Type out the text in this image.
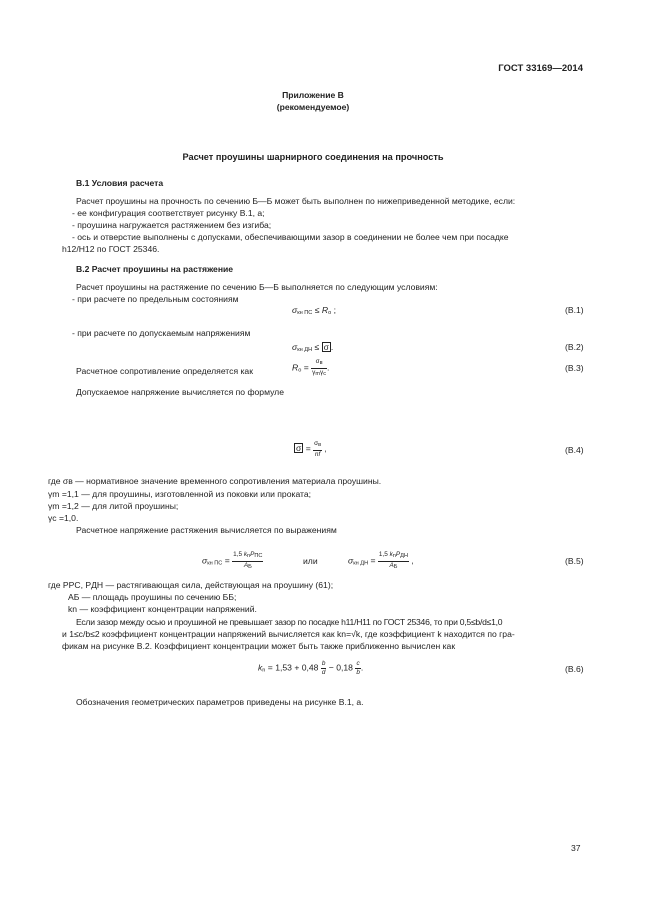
ГОСТ 33169—2014
Приложение В
(рекомендуемое)
Расчет проушины шарнирного соединения на прочность
В.1 Условия расчета
Расчет проушины на прочность по сечению Б—Б может быть выполнен по нижеприведенной методике, если:
- ее конфигурация соответствует рисунку В.1, а;
- проушина нагружается растяжением без изгиба;
- ось и отверстие выполнены с допусками, обеспечивающими зазор в соединении не более чем при посадке
h12/H12 по ГОСТ 25346.
В.2 Расчет проушины на растяжение
Расчет проушины на растяжение по сечению Б—Б выполняется по следующим условиям:
- при расчете по предельным состояниям
σкн ПС ≤ Rо ;	(В.1)
- при расчете по допускаемым напряжениям
σкн ДН ≤ σ .	(В.2)
Расчетное сопротивление определяется как	Rо = $\frac{\sigma в}{\text{γmγc}}$ .	(В.3)
Допускаемое напряжение вычисляется по формуле
$\sigma = \frac{\sigma в}{nf}$ ,	(В.4)
где σв — нормативное значение временного сопротивления материала проушины.
γm =1,1 — для проушины, изготовленной из поковки или проката;
γm =1,2 — для литой проушины;
γc =1,0.
Расчетное напряжение растяжения вычисляется по выражениям
σкн ПС = $\frac{\text{1,5 knPПС}}{AБ}$	или	σкн ДН = $\frac{\text{1,5 knPДН}}{AБ}$ ,	(В.5)
где PPC, PДН — растягивающая сила, действующая на проушину (61);
AБ — площадь проушины по сечению ББ;
kn — коэффициент концентрации напряжений.
Если зазор между осью и проушиной не превышает зазор по посадке h11/H11 по ГОСТ 25346, то при 0,5≤b/d≤1,0
и 1≤c/b≤2 коэффициент концентрации напряжений вычисляется как kn=√k, где коэффициент k находится по гра-
фикам на рисунке В.2. Коэффициент концентрации может быть также приближенно вычислен как
kn = $1,53 + 0,48 \frac{b}{d} - 0,18 \frac{c}{b}$ .	(В.6)
Обозначения геометрических параметров приведены на рисунке В.1, а.
37
